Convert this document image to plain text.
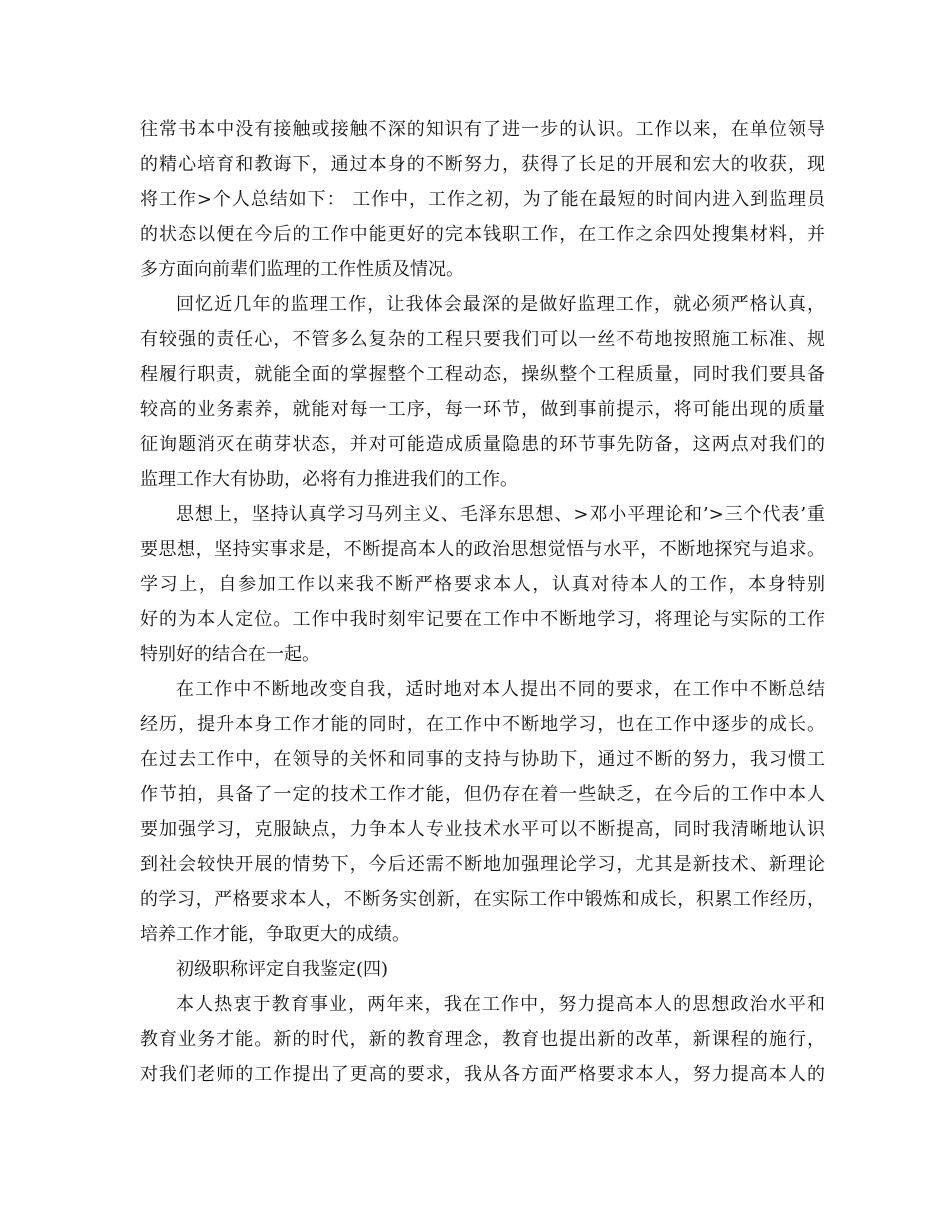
往常书本中没有接触或接触不深的知识有了进一步的认识。工作以来，在单位领导
的精心培育和教诲下，通过本身的不断努力，获得了长足的开展和宏大的收获，现
将工作>个人总结如下： 工作中，工作之初，为了能在最短的时间内进入到监理员
的状态以便在今后的工作中能更好的完本钱职工作，在工作之余四处搜集材料，并
多方面向前辈们监理的工作性质及情况。
回忆近几年的监理工作，让我体会最深的是做好监理工作，就必须严格认真，
有较强的责任心，不管多么复杂的工程只要我们可以一丝不苟地按照施工标准、规
程履行职责，就能全面的掌握整个工程动态，操纵整个工程质量，同时我们要具备
较高的业务素养，就能对每一工序，每一环节，做到事前提示，将可能出现的质量
征询题消灭在萌芽状态，并对可能造成质量隐患的环节事先防备，这两点对我们的
监理工作大有协助，必将有力推进我们的工作。
思想上，坚持认真学习马列主义、毛泽东思想、>邓小平理论和’>三个代表’重
要思想，坚持实事求是，不断提高本人的政治思想觉悟与水平，不断地探究与追求。
学习上，自参加工作以来我不断严格要求本人，认真对待本人的工作，本身特别
好的为本人定位。工作中我时刻牢记要在工作中不断地学习，将理论与实际的工作
特别好的结合在一起。
在工作中不断地改变自我，适时地对本人提出不同的要求，在工作中不断总结
经历，提升本身工作才能的同时，在工作中不断地学习，也在工作中逐步的成长。
在过去工作中，在领导的关怀和同事的支持与协助下，通过不断的努力，我习惯工
作节拍，具备了一定的技术工作才能，但仍存在着一些缺乏，在今后的工作中本人
要加强学习，克服缺点，力争本人专业技术水平可以不断提高，同时我清晰地认识
到社会较快开展的情势下，今后还需不断地加强理论学习，尤其是新技术、新理论
的学习，严格要求本人，不断务实创新，在实际工作中锻炼和成长，积累工作经历，
培养工作才能，争取更大的成绩。
初级职称评定自我鉴定(四)
本人热衷于教育事业，两年来，我在工作中，努力提高本人的思想政治水平和
教育业务才能。新的时代，新的教育理念，教育也提出新的改革，新课程的施行，
对我们老师的工作提出了更高的要求，我从各方面严格要求本人，努力提高本人的
